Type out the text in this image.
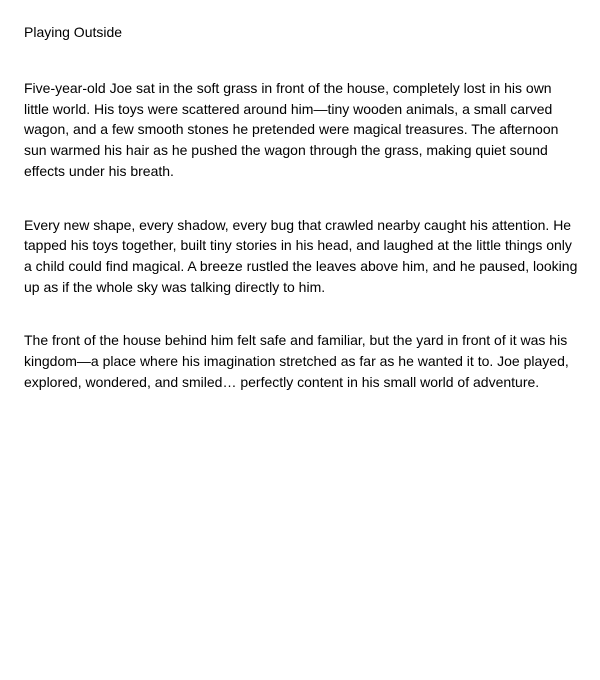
Playing Outside

Five-year-old Joe sat in the soft grass in front of the house, completely lost in his own little world. His toys were scattered around him—tiny wooden animals, a small carved wagon, and a few smooth stones he pretended were magical treasures. The afternoon sun warmed his hair as he pushed the wagon through the grass, making quiet sound effects under his breath.

Every new shape, every shadow, every bug that crawled nearby caught his attention. He tapped his toys together, built tiny stories in his head, and laughed at the little things only a child could find magical. A breeze rustled the leaves above him, and he paused, looking up as if the whole sky was talking directly to him.

The front of the house behind him felt safe and familiar, but the yard in front of it was his kingdom—a place where his imagination stretched as far as he wanted it to. Joe played, explored, wondered, and smiled… perfectly content in his small world of adventure.
